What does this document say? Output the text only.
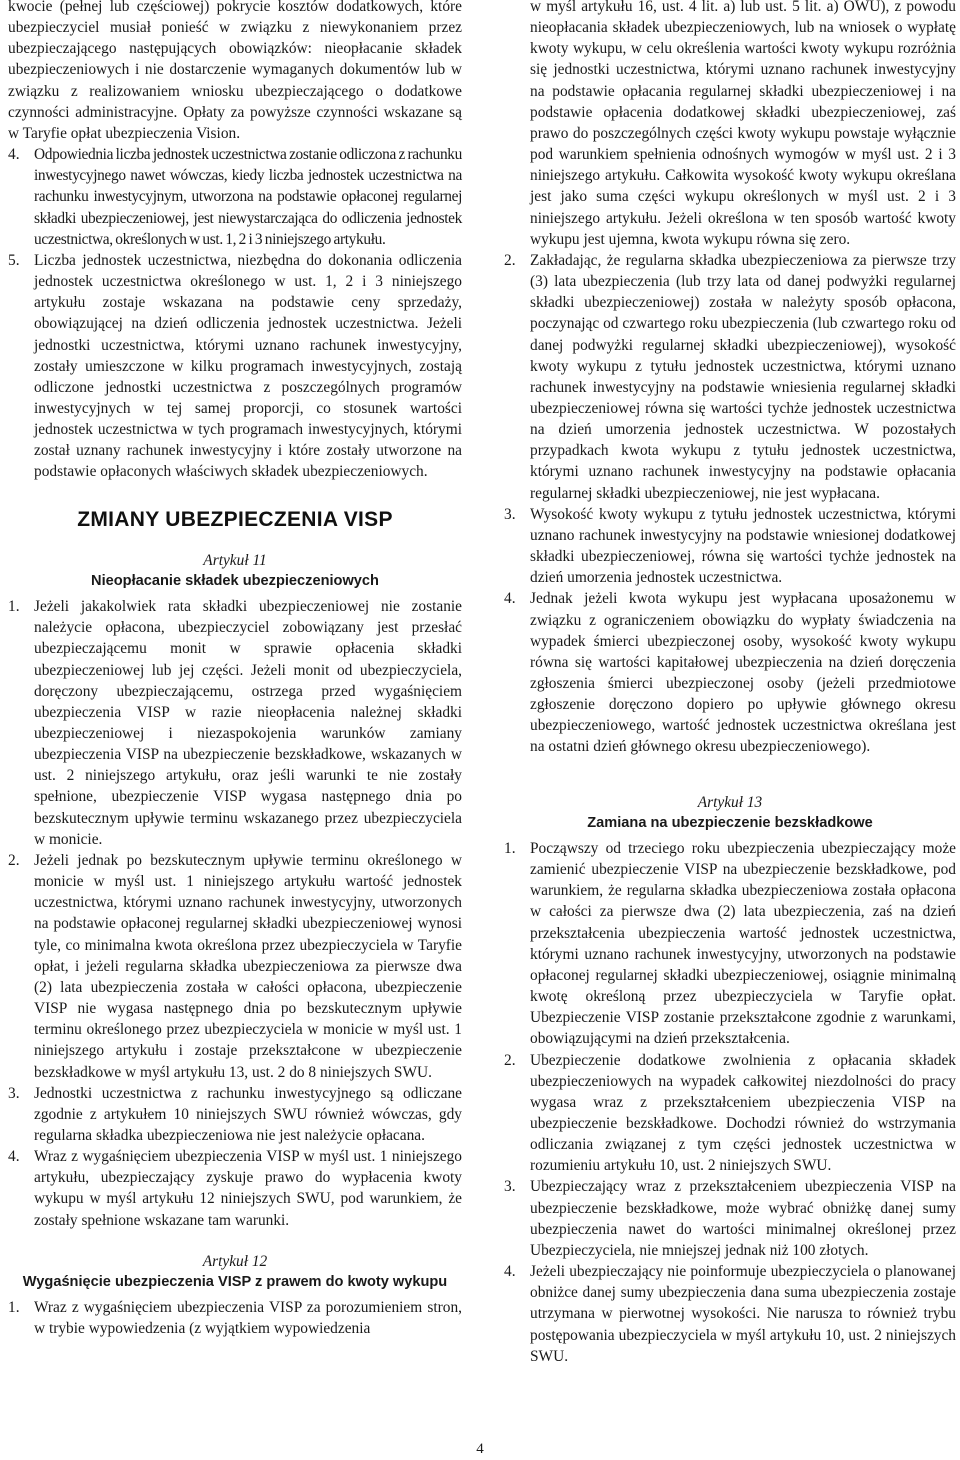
kwocie (pełnej lub częściowej) pokrycie kosztów dodatkowych, które ubezpieczyciel musiał ponieść w związku z niewykonaniem przez ubezpieczającego następujących obowiązków: nieopłacanie składek ubezpieczeniowych i nie dostarczenie wymaganych dokumentów lub w związku z realizowaniem wniosku ubezpieczającego o dodatkowe czynności administracyjne. Opłaty za powyższe czynności wskazane są w Taryfie opłat ubezpieczenia Vision.

4. Odpowiednia liczba jednostek uczestnictwa zostanie odliczona z rachunku inwestycyjnego nawet wówczas, kiedy liczba jednostek uczestnictwa na rachunku inwestycyjnym, utworzona na podstawie opłaconej regularnej składki ubezpieczeniowej, jest niewystarczająca do odliczenia jednostek uczestnictwa, określonych w ust. 1, 2 i 3 niniejszego artykułu.
5. Liczba jednostek uczestnictwa, niezbędna do dokonania odliczenia jednostek uczestnictwa określonego w ust. 1, 2 i 3 niniejszego artykułu zostaje wskazana na podstawie ceny sprzedaży, obowiązującej na dzień odliczenia jednostek uczestnictwa. Jeżeli jednostki uczestnictwa, którymi uznano rachunek inwestycyjny, zostały umieszczone w kilku programach inwestycyjnych, zostają odliczone jednostki uczestnictwa z poszczególnych programów inwestycyjnych w tej samej proporcji, co stosunek wartości jednostek uczestnictwa w tych programach inwestycyjnych, którymi został uznany rachunek inwestycyjny i które zostały utworzone na podstawie opłaconych właściwych składek ubezpieczeniowych.
ZMIANY UBEZPIECZENIA VISP

Artykuł 11

Nieopłacanie składek ubezpieczeniowych

1. Jeżeli jakakolwiek rata składki ubezpieczeniowej nie zostanie należycie opłacona, ubezpieczyciel zobowiązany jest przesłać ubezpieczającemu monit w sprawie opłacenia składki ubezpieczeniowej lub jej części. Jeżeli monit od ubezpieczyciela, doręczony ubezpieczającemu, ostrzega przed wygaśnięciem ubezpieczenia VISP w razie nieopłacenia należnej składki ubezpieczeniowej i niezaspokojenia warunków zamiany ubezpieczenia VISP na ubezpieczenie bezskładkowe, wskazanych w ust. 2 niniejszego artykułu, oraz jeśli warunki te nie zostały spełnione, ubezpieczenie VISP wygasa następnego dnia po bezskutecznym upływie terminu wskazanego przez ubezpieczyciela w monicie.
2. Jeżeli jednak po bezskutecznym upływie terminu określonego w monicie w myśl ust. 1 niniejszego artykułu wartość jednostek uczestnictwa, którymi uznano rachunek inwestycyjny, utworzonych na podstawie opłaconej regularnej składki ubezpieczeniowej wynosi tyle, co minimalna kwota określona przez ubezpieczyciela w Taryfie opłat, i jeżeli regularna składka ubezpieczeniowa za pierwsze dwa (2) lata ubezpieczenia została w całości opłacona, ubezpieczenie VISP nie wygasa następnego dnia po bezskutecznym upływie terminu określonego przez ubezpieczyciela w monicie w myśl ust. 1 niniejszego artykułu i zostaje przekształcone w ubezpieczenie bezskładkowe w myśl artykułu 13, ust. 2 do 8 niniejszych SWU.
3. Jednostki uczestnictwa z rachunku inwestycyjnego są odliczane zgodnie z artykułem 10 niniejszych SWU również wówczas, gdy regularna składka ubezpieczeniowa nie jest należycie opłacana.
4. Wraz z wygaśnięciem ubezpieczenia VISP w myśl ust. 1 niniejszego artykułu, ubezpieczający zyskuje prawo do wypłacenia kwoty wykupu w myśl artykułu 12 niniejszych SWU, pod warunkiem, że zostały spełnione wskazane tam warunki.

Artykuł 12

Wygaśnięcie ubezpieczenia VISP z prawem do kwoty wykupu

1. Wraz z wygaśnięciem ubezpieczenia VISP za porozumieniem stron, w trybie wypowiedzenia (z wyjątkiem wypowiedzenia

w myśl artykułu 16, ust. 4 lit. a) lub ust. 5 lit. a) OWU), z powodu nieopłacania składek ubezpieczeniowych, lub na wniosek o wypłatę kwoty wykupu, w celu określenia wartości kwoty wykupu rozróżnia się jednostki uczestnictwa, którymi uznano rachunek inwestycyjny na podstawie opłacania regularnej składki ubezpieczeniowej i na podstawie opłacenia dodatkowej składki ubezpieczeniowej, zaś prawo do poszczególnych części kwoty wykupu powstaje wyłącznie pod warunkiem spełnienia odnośnych wymogów w myśl ust. 2 i 3 niniejszego artykułu. Całkowita wysokość kwoty wykupu określana jest jako suma części wykupu określonych w myśl ust. 2 i 3 niniejszego artykułu. Jeżeli określona w ten sposób wartość kwoty wykupu jest ujemna, kwota wykupu równa się zero.

2. Zakładając, że regularna składka ubezpieczeniowa za pierwsze trzy (3) lata ubezpieczenia (lub trzy lata od danej podwyżki regularnej składki ubezpieczeniowej) została w należyty sposób opłacona, poczynając od czwartego roku ubezpieczenia (lub czwartego roku od danej podwyżki regularnej składki ubezpieczeniowej), wysokość kwoty wykupu z tytułu jednostek uczestnictwa, którymi uznano rachunek inwestycyjny na podstawie wniesienia regularnej składki ubezpieczeniowej równa się wartości tychże jednostek uczestnictwa na dzień umorzenia jednostek uczestnictwa. W pozostałych przypadkach kwota wykupu z tytułu jednostek uczestnictwa, którymi uznano rachunek inwestycyjny na podstawie opłacania regularnej składki ubezpieczeniowej, nie jest wypłacana.
3. Wysokość kwoty wykupu z tytułu jednostek uczestnictwa, którymi uznano rachunek inwestycyjny na podstawie wniesionej dodatkowej składki ubezpieczeniowej, równa się wartości tychże jednostek na dzień umorzenia jednostek uczestnictwa.
4. Jednak jeżeli kwota wykupu jest wypłacana uposażonemu w związku z ograniczeniem obowiązku do wypłaty świadczenia na wypadek śmierci ubezpieczonej osoby, wysokość kwoty wykupu równa się wartości kapitałowej ubezpieczenia na dzień doręczenia zgłoszenia śmierci ubezpieczonej osoby (jeżeli przedmiotowe zgłoszenie doręczono dopiero po upływie głównego okresu ubezpieczeniowego, wartość jednostek uczestnictwa określana jest na ostatni dzień głównego okresu ubezpieczeniowego).

Artykuł 13

Zamiana na ubezpieczenie bezskładkowe

1. Począwszy od trzeciego roku ubezpieczenia ubezpieczający może zamienić ubezpieczenie VISP na ubezpieczenie bezskładkowe, pod warunkiem, że regularna składka ubezpieczeniowa została opłacona w całości za pierwsze dwa (2) lata ubezpieczenia, zaś na dzień przekształcenia ubezpieczenia wartość jednostek uczestnictwa, którymi uznano rachunek inwestycyjny, utworzonych na podstawie opłaconej regularnej składki ubezpieczeniowej, osiągnie minimalną kwotę określoną przez ubezpieczyciela w Taryfie opłat. Ubezpieczenie VISP zostanie przekształcone zgodnie z warunkami, obowiązującymi na dzień przekształcenia.
2. Ubezpieczenie dodatkowe zwolnienia z opłacania składek ubezpieczeniowych na wypadek całkowitej niezdolności do pracy wygasa wraz z przekształceniem ubezpieczenia VISP na ubezpieczenie bezskładkowe. Dochodzi również do wstrzymania odliczania związanej z tym części jednostek uczestnictwa w rozumieniu artykułu 10, ust. 2 niniejszych SWU.
3. Ubezpieczający wraz z przekształceniem ubezpieczenia VISP na ubezpieczenie bezskładkowe, może wybrać obniżkę danej sumy ubezpieczenia nawet do wartości minimalnej określonej przez Ubezpieczyciela, nie mniejszej jednak niż 100 złotych.
4. Jeżeli ubezpieczający nie poinformuje ubezpieczyciela o planowanej obniżce danej sumy ubezpieczenia dana suma ubezpieczenia zostaje utrzymana w pierwotnej wysokości. Nie narusza to również trybu postępowania ubezpieczyciela w myśl artykułu 10, ust. 2 niniejszych SWU.
4
